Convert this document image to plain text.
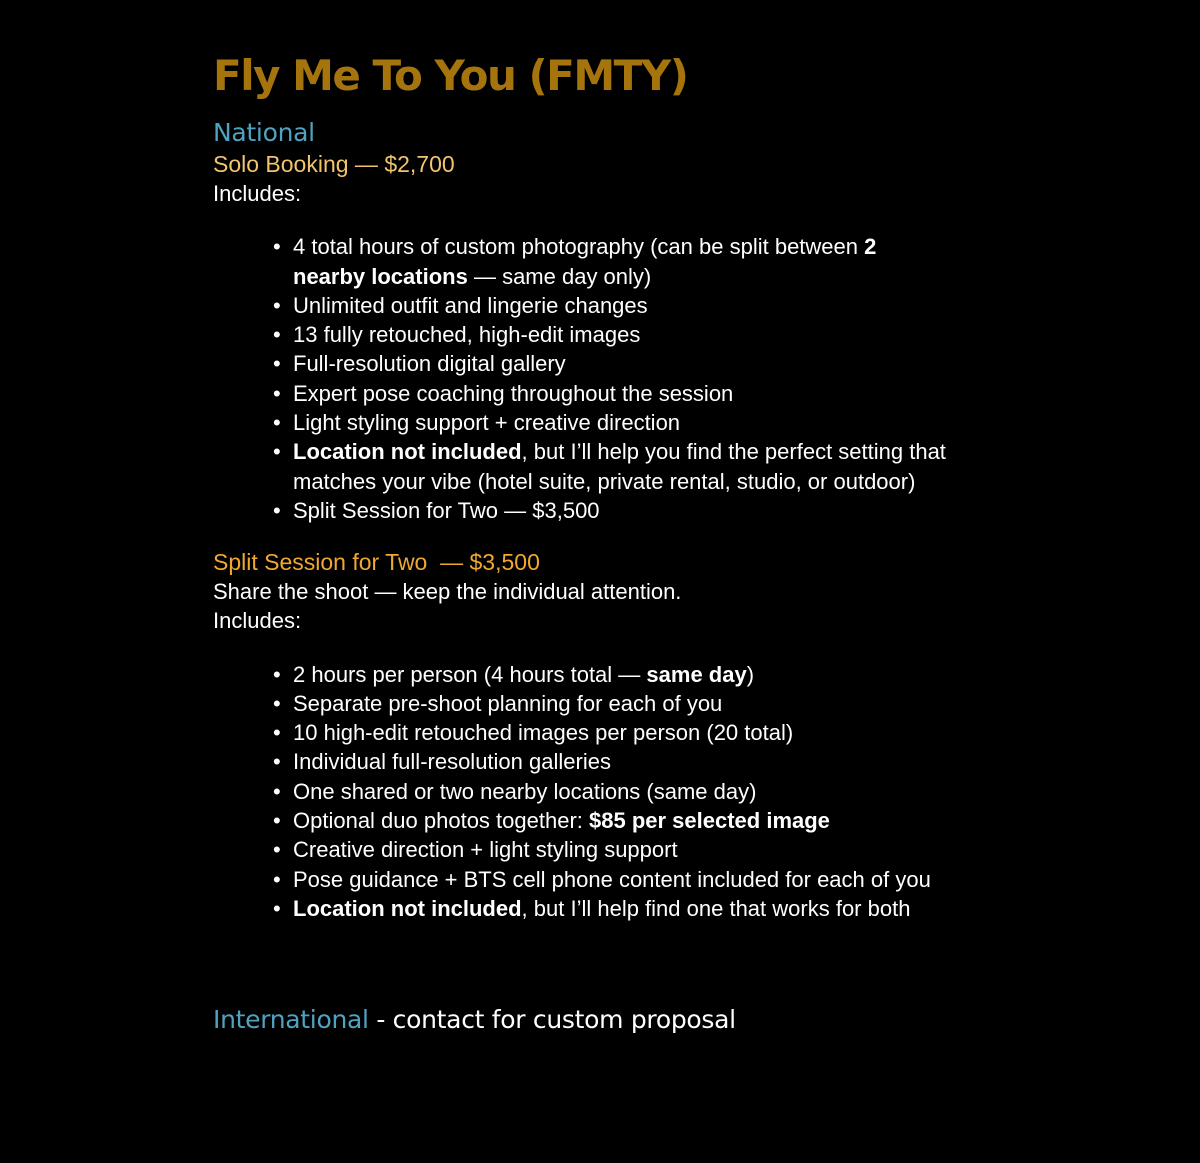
Fly Me To You (FMTY)
National
Solo Booking — $2,700
Includes:
• 4 total hours of custom photography (can be split between 2
nearby locations — same day only)
• Unlimited outfit and lingerie changes
• 13 fully retouched, high-edit images
• Full-resolution digital gallery
• Expert pose coaching throughout the session
• Light styling support + creative direction
• Location not included, but I’ll help you find the perfect setting that
matches your vibe (hotel suite, private rental, studio, or outdoor)
• Split Session for Two — $3,500
Split Session for Two  — $3,500
Share the shoot — keep the individual attention.
Includes:
• 2 hours per person (4 hours total — same day)
• Separate pre-shoot planning for each of you
• 10 high-edit retouched images per person (20 total)
• Individual full-resolution galleries
• One shared or two nearby locations (same day)
• Optional duo photos together: $85 per selected image
• Creative direction + light styling support
• Pose guidance + BTS cell phone content included for each of you
• Location not included, but I’ll help find one that works for both
International - contact for custom proposal
